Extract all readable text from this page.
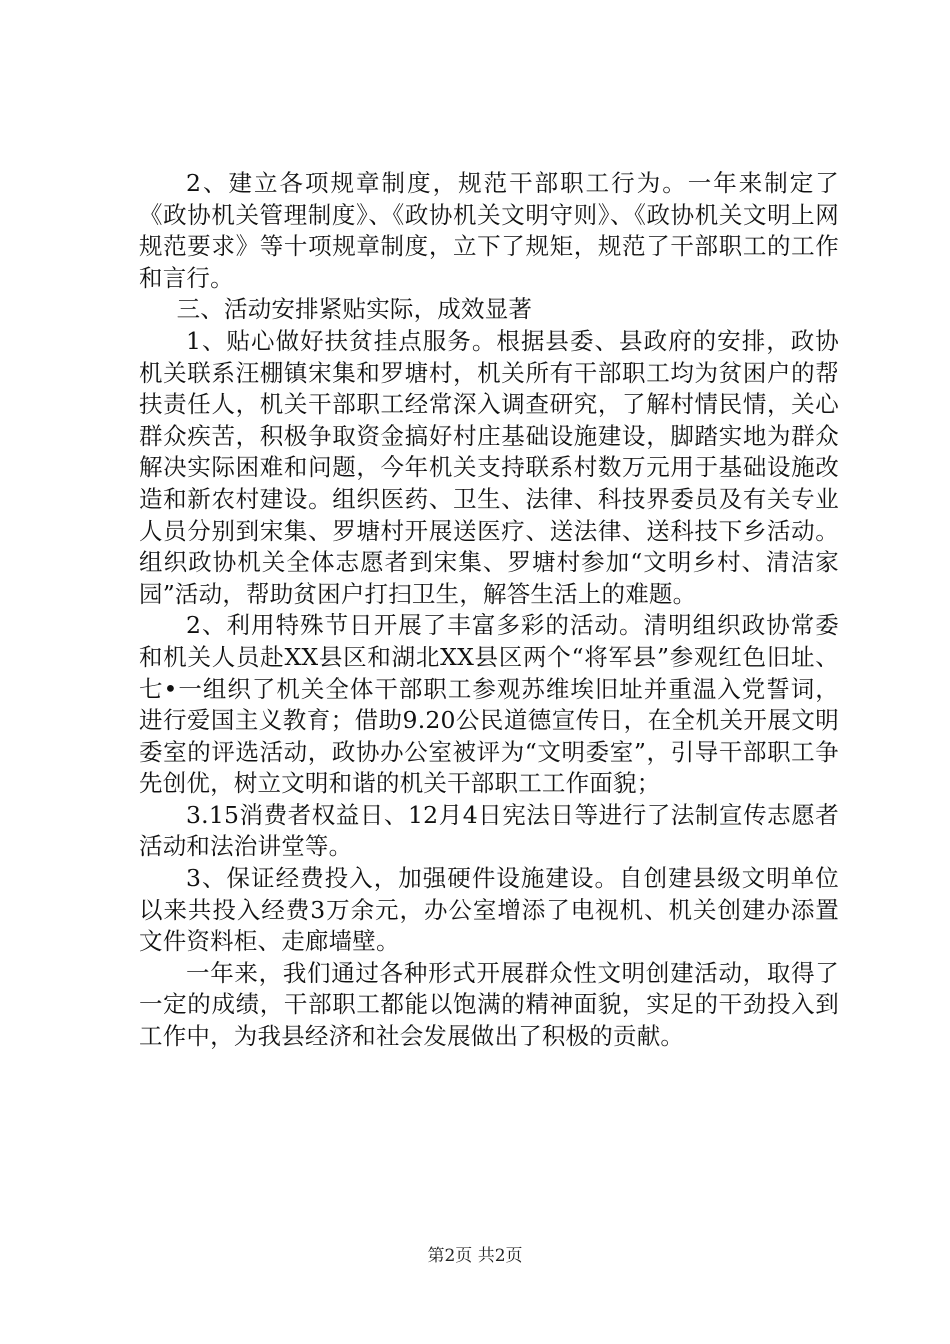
2、建立各项规章制度，规范干部职工行为。一年来制定了《政协机关管理制度》、《政协机关文明守则》、《政协机关文明上网规范要求》等十项规章制度，立下了规矩，规范了干部职工的工作和言行。

三、活动安排紧贴实际，成效显著

1、贴心做好扶贫挂点服务。根据县委、县政府的安排，政协机关联系汪棚镇宋集和罗塘村，机关所有干部职工均为贫困户的帮扶责任人，机关干部职工经常深入调查研究，了解村情民情，关心群众疾苦，积极争取资金搞好村庄基础设施建设，脚踏实地为群众解决实际困难和问题，今年机关支持联系村数万元用于基础设施改造和新农村建设。组织医药、卫生、法律、科技界委员及有关专业人员分别到宋集、罗塘村开展送医疗、送法律、送科技下乡活动。组织政协机关全体志愿者到宋集、罗塘村参加“文明乡村、清洁家园”活动，帮助贫困户打扫卫生，解答生活上的难题。

2、利用特殊节日开展了丰富多彩的活动。清明组织政协常委和机关人员赴XX县区和湖北XX县区两个“将军县”参观红色旧址、七•一组织了机关全体干部职工参观苏维埃旧址并重温入党誓词，进行爱国主义教育；借助9.20公民道德宣传日，在全机关开展文明委室的评选活动，政协办公室被评为“文明委室”，引导干部职工争先创优，树立文明和谐的机关干部职工工作面貌；

3.15消费者权益日、12月4日宪法日等进行了法制宣传志愿者活动和法治讲堂等。

3、保证经费投入，加强硬件设施建设。自创建县级文明单位以来共投入经费3万余元，办公室增添了电视机、机关创建办添置文件资料柜、走廊墙壁。

一年来，我们通过各种形式开展群众性文明创建活动，取得了一定的成绩，干部职工都能以饱满的精神面貌，实足的干劲投入到工作中，为我县经济和社会发展做出了积极的贡献。

第2页 共2页
